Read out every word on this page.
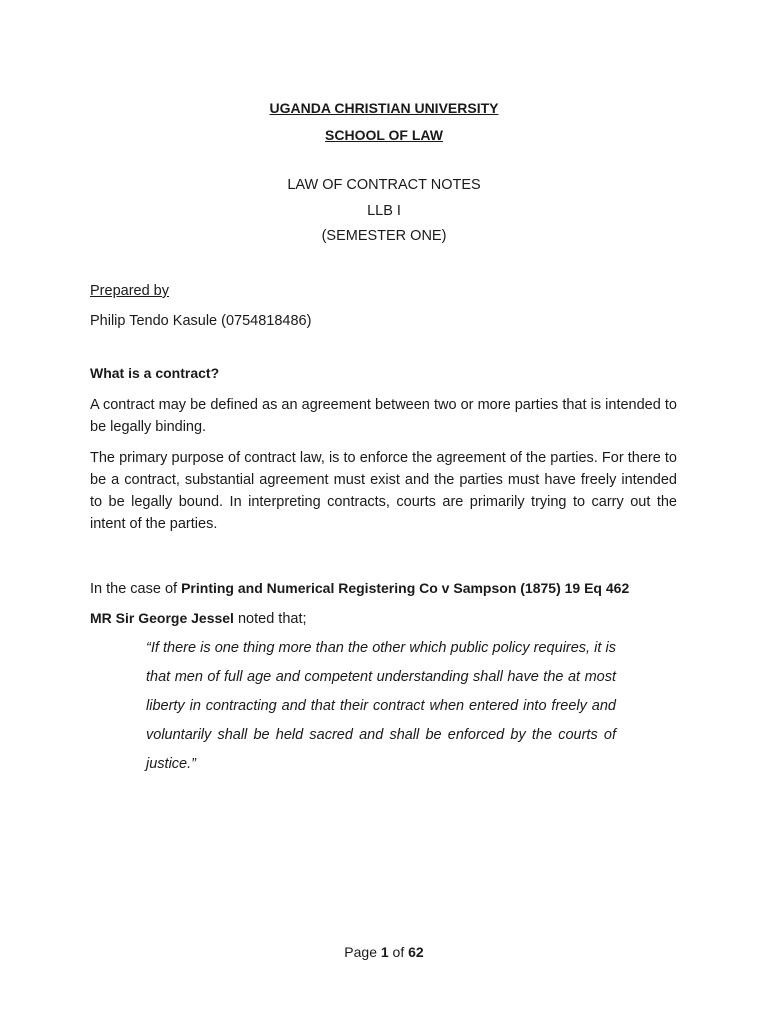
UGANDA CHRISTIAN UNIVERSITY
SCHOOL OF LAW
LAW OF CONTRACT NOTES
LLB I
(SEMESTER ONE)
Prepared by
Philip Tendo Kasule (0754818486)
What is a contract?
A contract may be defined as an agreement between two or more parties that is intended to be legally binding.
The primary purpose of contract law, is to enforce the agreement of the parties. For there to be a contract, substantial agreement must exist and the parties must have freely intended to be legally bound. In interpreting contracts, courts are primarily trying to carry out the intent of the parties.
In the case of Printing and Numerical Registering Co v Sampson (1875) 19 Eq 462
MR Sir George Jessel noted that;
“If there is one thing more than the other which public policy requires, it is that men of full age and competent understanding shall have the at most liberty in contracting and that their contract when entered into freely and voluntarily shall be held sacred and shall be enforced by the courts of justice.”
Page 1 of 62
